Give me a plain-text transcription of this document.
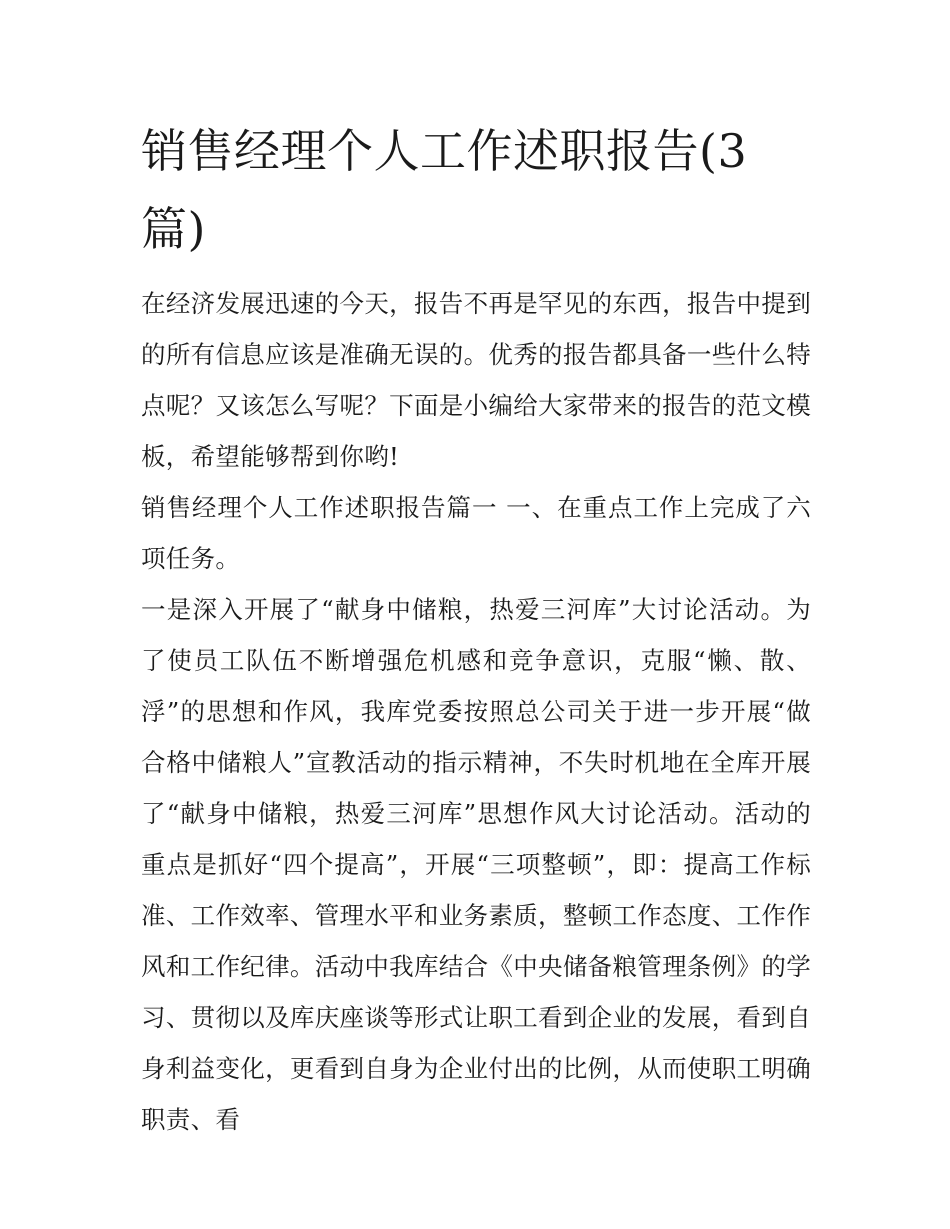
销售经理个人工作述职报告(3篇)

在经济发展迅速的今天，报告不再是罕见的东西，报告中提到的所有信息应该是准确无误的。优秀的报告都具备一些什么特点呢？又该怎么写呢？下面是小编给大家带来的报告的范文模板，希望能够帮到你哟!

销售经理个人工作述职报告篇一 一、在重点工作上完成了六项任务。

一是深入开展了“献身中储粮，热爱三河库”大讨论活动。为了使员工队伍不断增强危机感和竞争意识，克服“懒、散、浮”的思想和作风，我库党委按照总公司关于进一步开展“做合格中储粮人”宣教活动的指示精神，不失时机地在全库开展了“献身中储粮，热爱三河库”思想作风大讨论活动。活动的重点是抓好“四个提高”，开展“三项整顿”，即：提高工作标准、工作效率、管理水平和业务素质，整顿工作态度、工作作风和工作纪律。活动中我库结合《中央储备粮管理条例》的学习、贯彻以及库庆座谈等形式让职工看到企业的发展，看到自身利益变化，更看到自身为企业付出的比例，从而使职工明确职责、看
